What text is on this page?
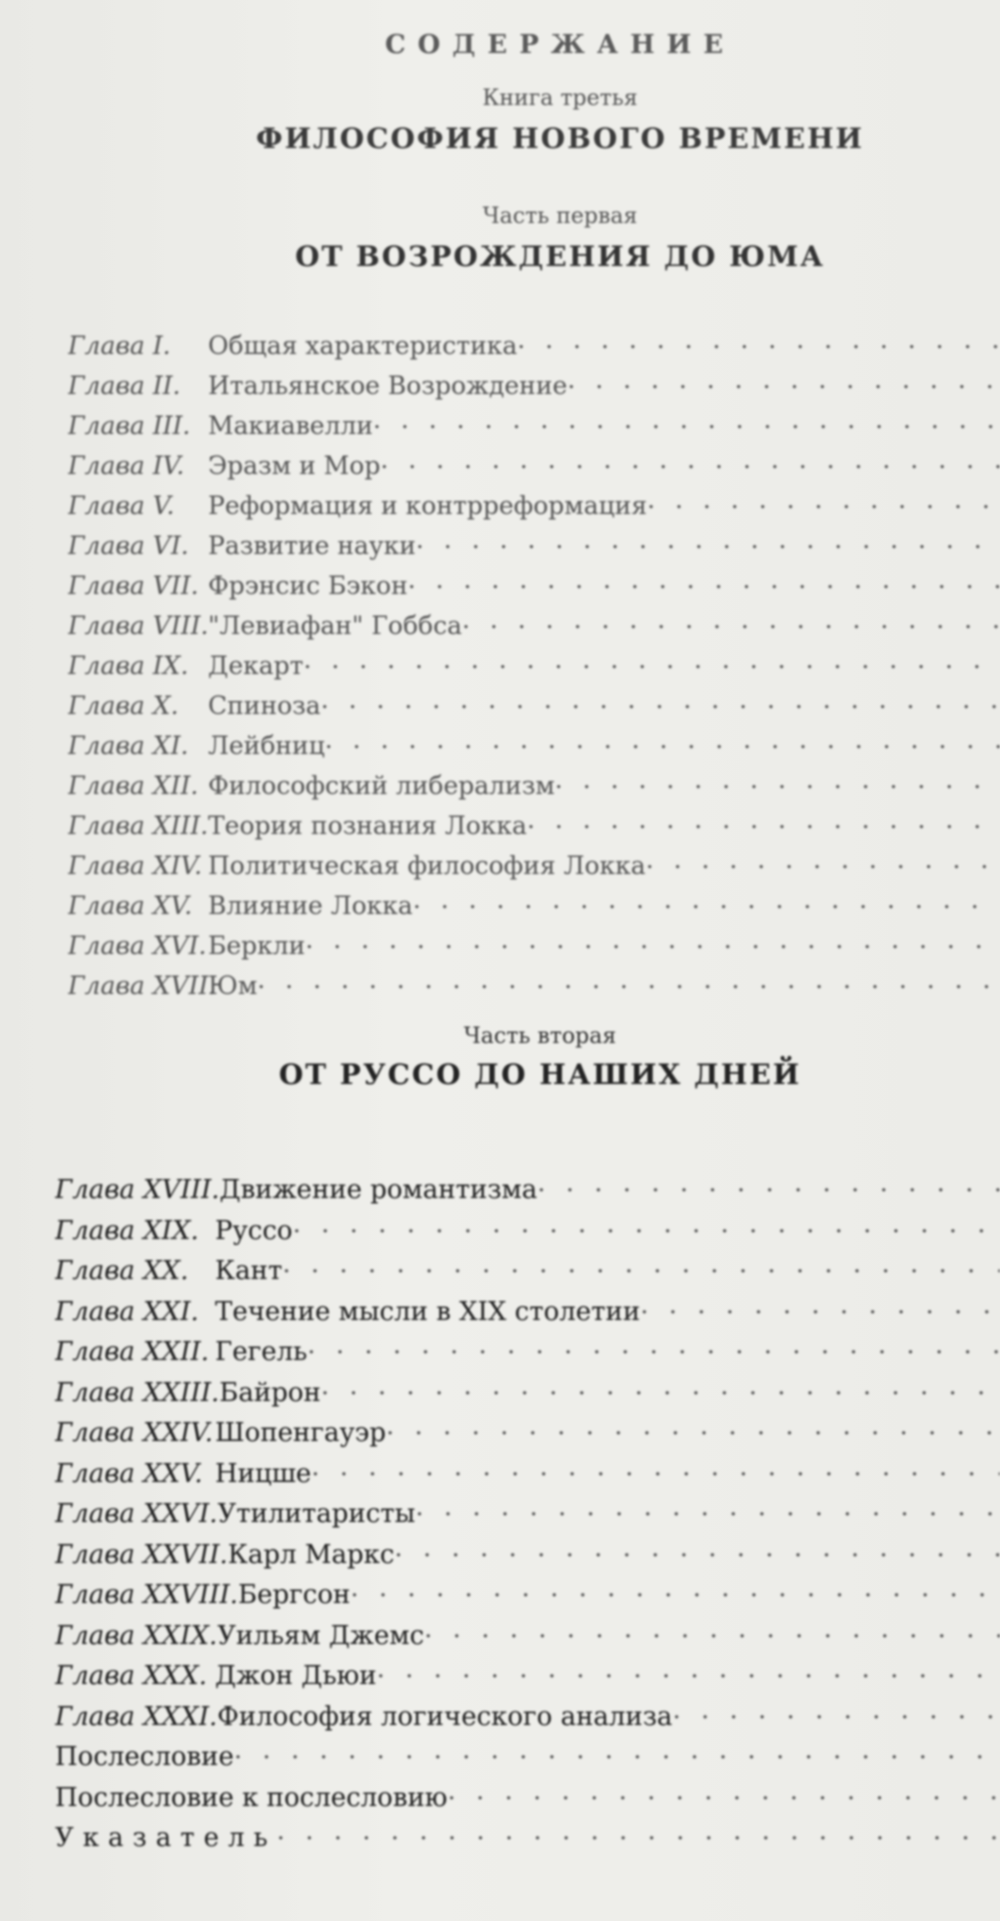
СОДЕРЖАНИЕ
Книга третья
ФИЛОСОФИЯ НОВОГО ВРЕМЕНИ
Часть первая
ОТ ВОЗРОЖДЕНИЯ ДО ЮМА
Глава I. Общая характеристика. . .
Глава II. Итальянское Возрождение. . .
Глава III. Макиавелли. . .
Глава IV. Эразм и Мор. . .
Глава V. Реформация и контрреформация. . .
Глава VI. Развитие науки. . .
Глава VII. Фрэнсис Бэкон. . .
Глава VIII."Левиафан" Гоббса. . .
Глава IX. Декарт. . .
Глава X. Спиноза. . .
Глава XI. Лейбниц. . .
Глава XII. Философский либерализм. . .
Глава XIII.Теория познания Локка. . .
Глава XIV. Политическая философия Локка. . .
Глава XV. Влияние Локка. . .
Глава XVI.Беркли. . .
Глава XVII.Юм. . .
Часть вторая
ОТ РУССО ДО НАШИХ ДНЕЙ
Глава XVIII.Движение романтизма. . .
Глава XIX. Руссо. . .
Глава XX. Кант. . .
Глава XXI. Течение мысли в XIX столетии. . .
Глава XXII. Гегель. . .
Глава XXIII.Байрон. . .
Глава XXIV.Шопенгауэр. . .
Глава XXV. Ницше. . .
Глава XXVI.Утилитаристы. . .
Глава XXVII.Карл Маркс. . .
Глава XXVIII.Бергсон. . .
Глава XXIX.Уильям Джемс. . .
Глава XXX. Джон Дьюи. . .
Глава XXXI.Философия логического анализа. . .
Послесловие. . .
Послесловие к послесловию. . .
Указатель. . .
